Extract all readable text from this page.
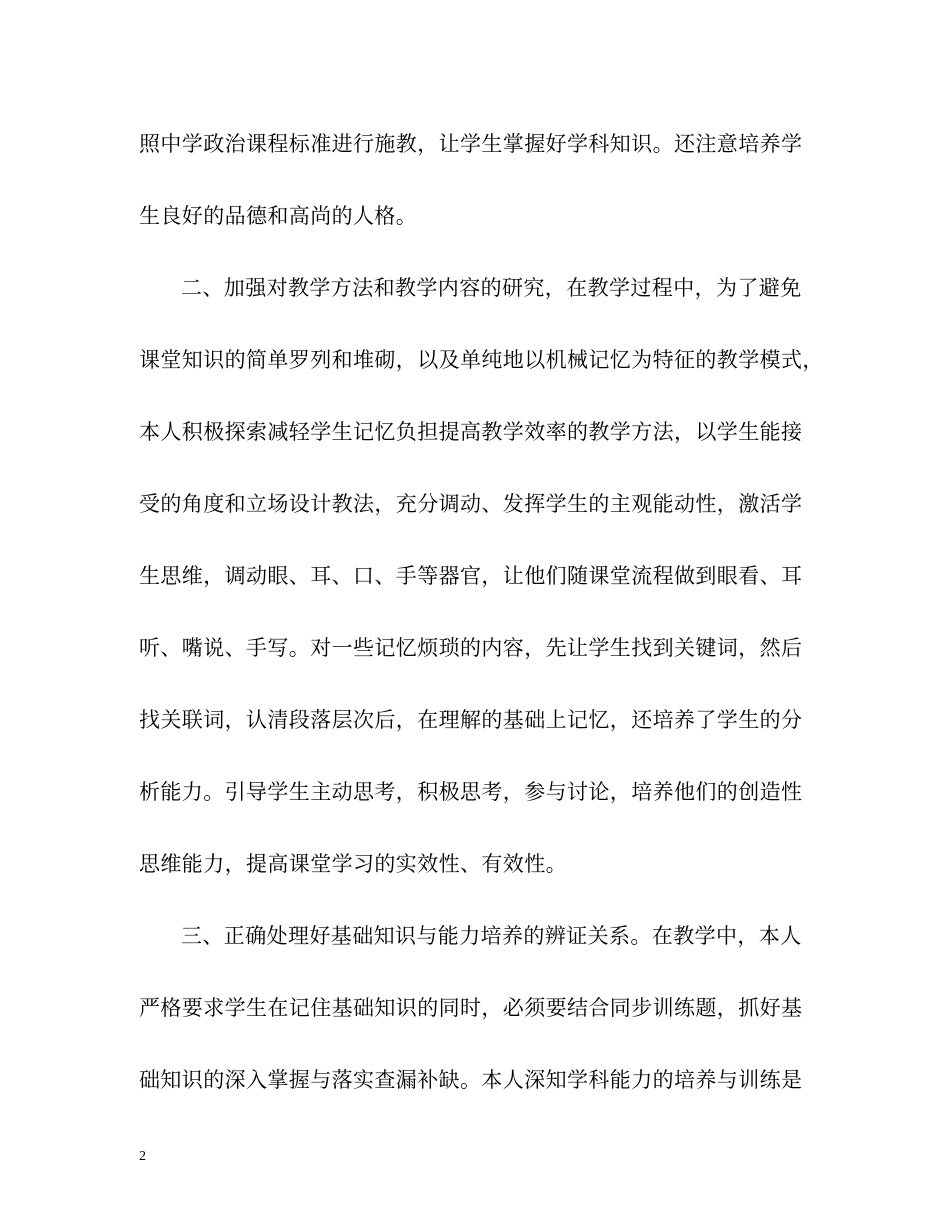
照中学政治课程标准进行施教，让学生掌握好学科知识。还注意培养学
生良好的品德和高尚的人格。
二、加强对教学方法和教学内容的研究，在教学过程中，为了避免
课堂知识的简单罗列和堆砌，以及单纯地以机械记忆为特征的教学模式，
本人积极探索减轻学生记忆负担提高教学效率的教学方法，以学生能接
受的角度和立场设计教法，充分调动、发挥学生的主观能动性，激活学
生思维，调动眼、耳、口、手等器官，让他们随课堂流程做到眼看、耳
听、嘴说、手写。对一些记忆烦琐的内容，先让学生找到关键词，然后
找关联词，认清段落层次后，在理解的基础上记忆，还培养了学生的分
析能力。引导学生主动思考，积极思考，参与讨论，培养他们的创造性
思维能力，提高课堂学习的实效性、有效性。
三、正确处理好基础知识与能力培养的辨证关系。在教学中，本人
严格要求学生在记住基础知识的同时，必须要结合同步训练题，抓好基
础知识的深入掌握与落实查漏补缺。本人深知学科能力的培养与训练是
2
